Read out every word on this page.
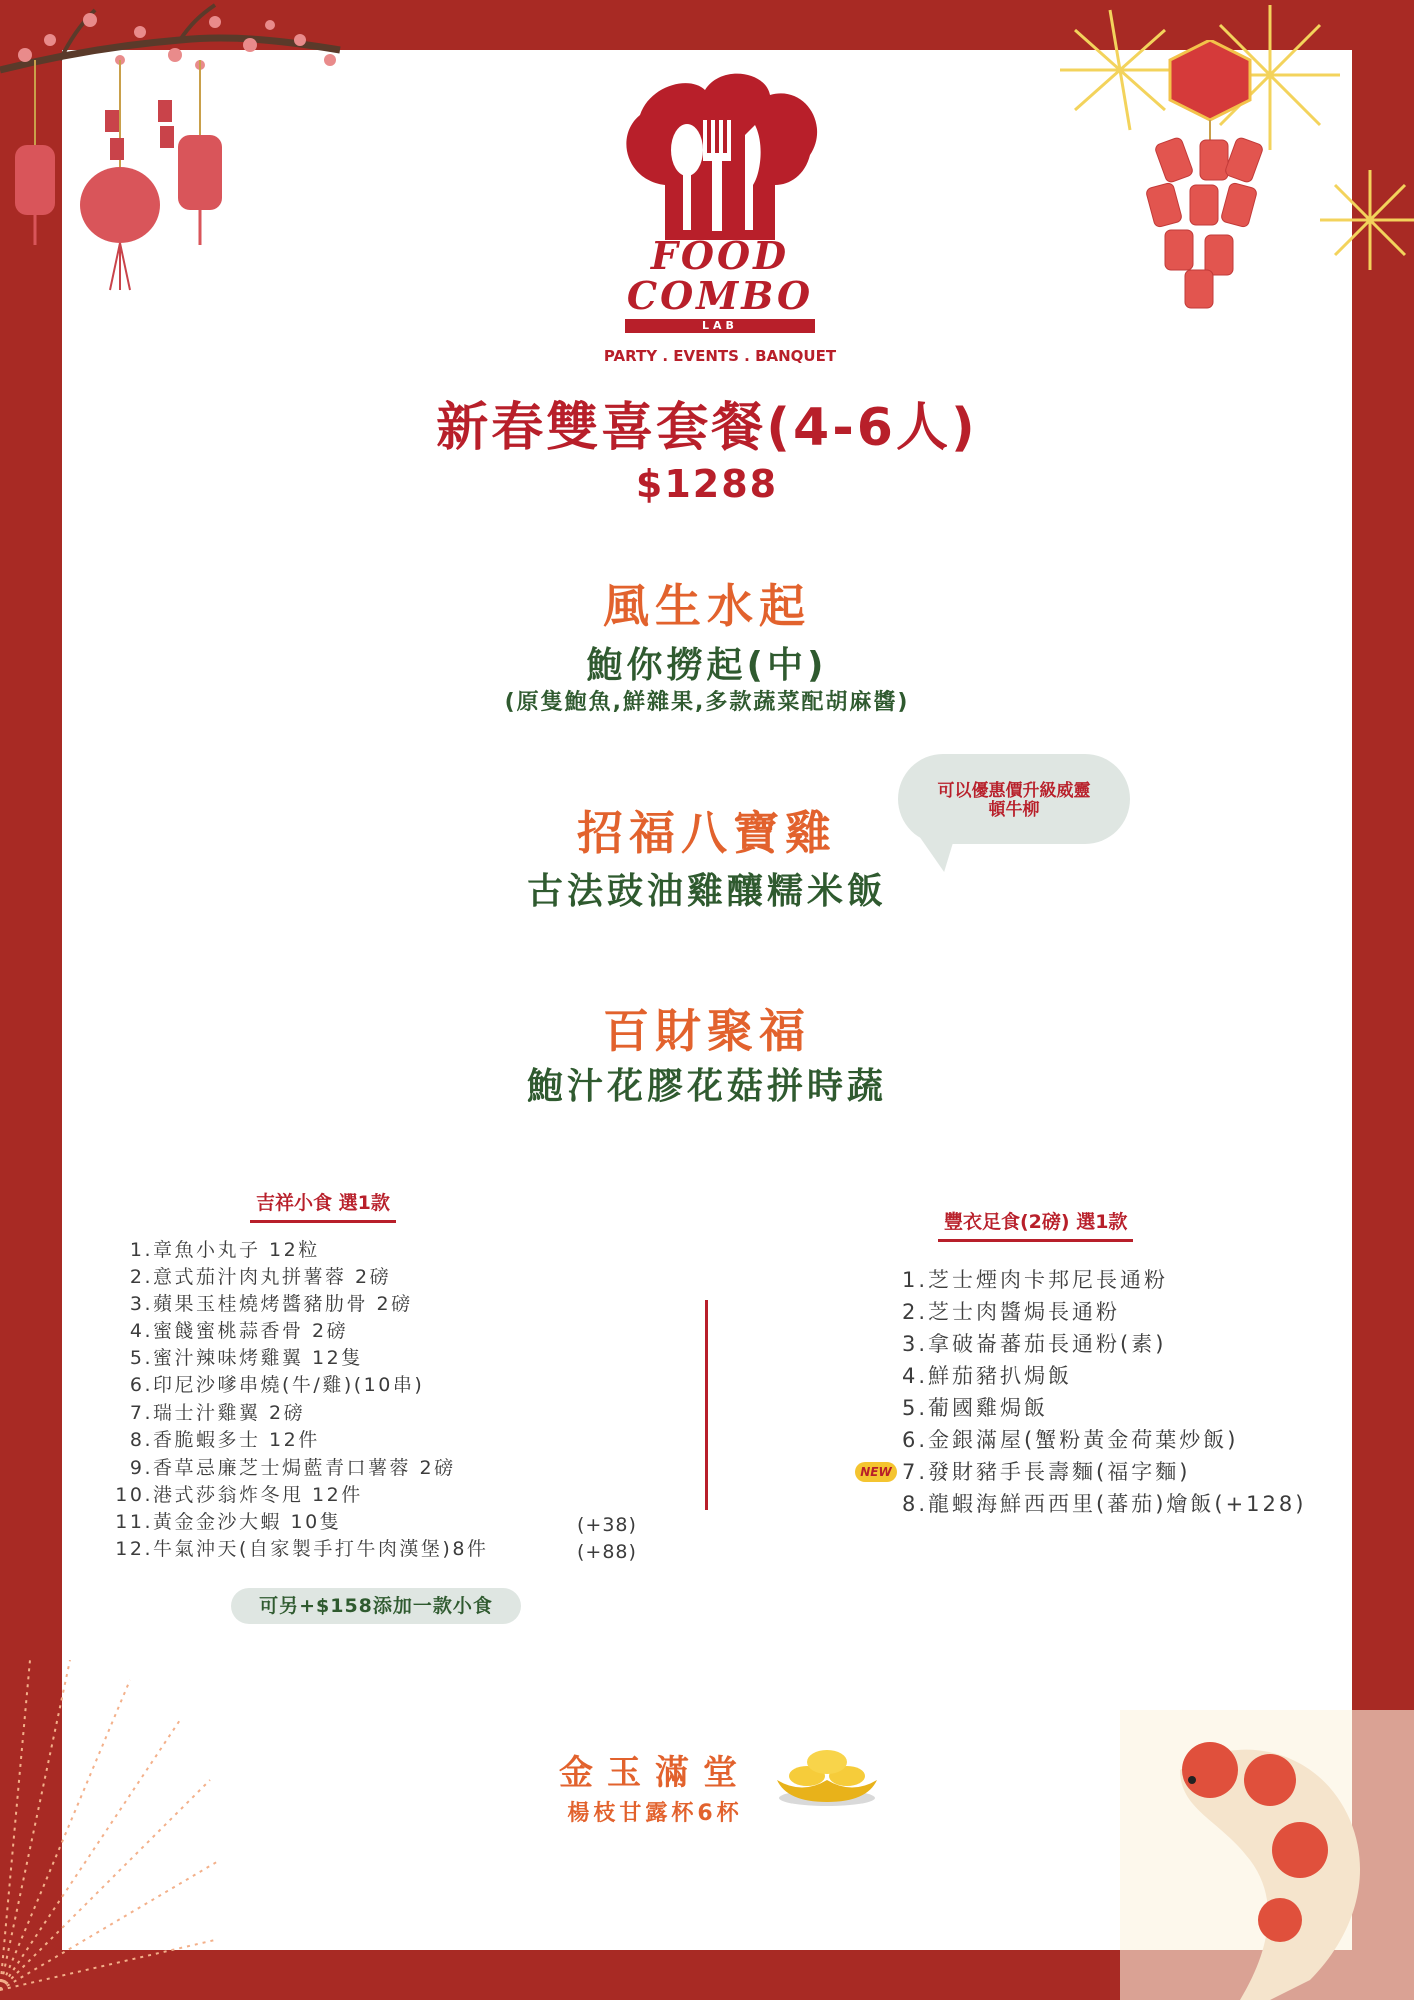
FOOD
COMBO
LAB
PARTY . EVENTS . BANQUET
新春雙喜套餐(4-6人)
$1288
風生水起
鮑你撈起(中)
(原隻鮑魚,鮮雜果,多款蔬菜配胡麻醬)
招福八寶雞
古法豉油雞釀糯米飯
可以優惠價升級威靈
頓牛柳
百財聚福
鮑汁花膠花菇拼時蔬
吉祥小食 選1款
1.章魚小丸子 12粒
2.意式茄汁肉丸拼薯蓉 2磅
3.蘋果玉桂燒烤醬豬肋骨 2磅
4.蜜餞蜜桃蒜香骨 2磅
5.蜜汁辣味烤雞翼 12隻
6.印尼沙嗲串燒(牛/雞)(10串)
7.瑞士汁雞翼 2磅
8.香脆蝦多士 12件
9.香草忌廉芝士焗藍青口薯蓉 2磅
10.港式莎翁炸冬甩 12件
11.黃金金沙大蝦 10隻
12.牛氣沖天(自家製手打牛肉漢堡)8件
(+38)
(+88)
可另+$158添加一款小食
豐衣足食(2磅) 選1款
1.芝士煙肉卡邦尼長通粉
2.芝士肉醬焗長通粉
3.拿破崙蕃茄長通粉(素)
4.鮮茄豬扒焗飯
5.葡國雞焗飯
6.金銀滿屋(蟹粉黃金荷葉炒飯)
7.發財豬手長壽麵(福字麵)
8.龍蝦海鮮西西里(蕃茄)燴飯(+128)
NEW
金玉滿堂
楊枝甘露杯6杯
